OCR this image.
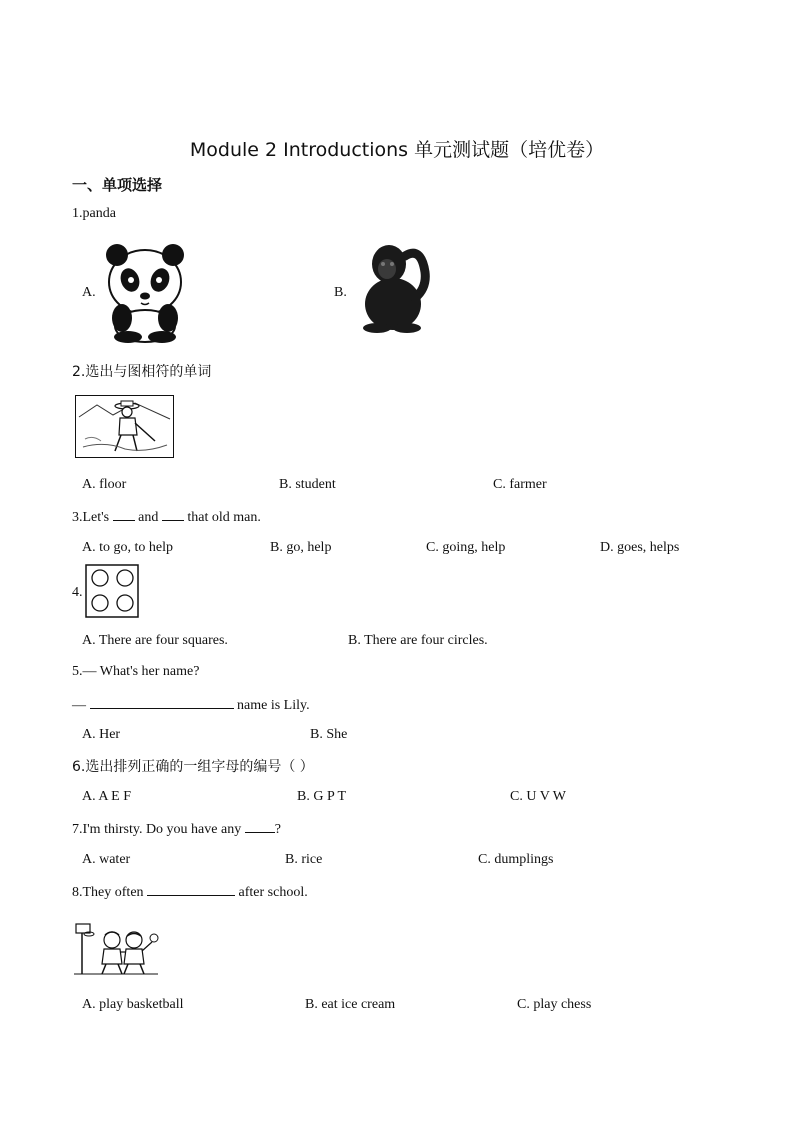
Module 2 Introductions 单元测试题（培优卷）
一、单项选择
1.panda
A.	B.
2.选出与图相符的单词
A. floor	B. student	C. farmer
3.Let's  and  that old man.
A. to go, to help	B. go, help	C. going, help	D. goes, helps
4.
A. There are four squares.	B. There are four circles.
5.— What's her name?
—	name is Lily.
A. Her	B. She
6.选出排列正确的一组字母的编号（ ）
A. A E F	B. G P T	C. U V W
7.I'm thirsty. Do you have any ?
A. water	B. rice	C. dumplings
8.They often	after school.
A. play basketball	B. eat ice cream	C. play chess
